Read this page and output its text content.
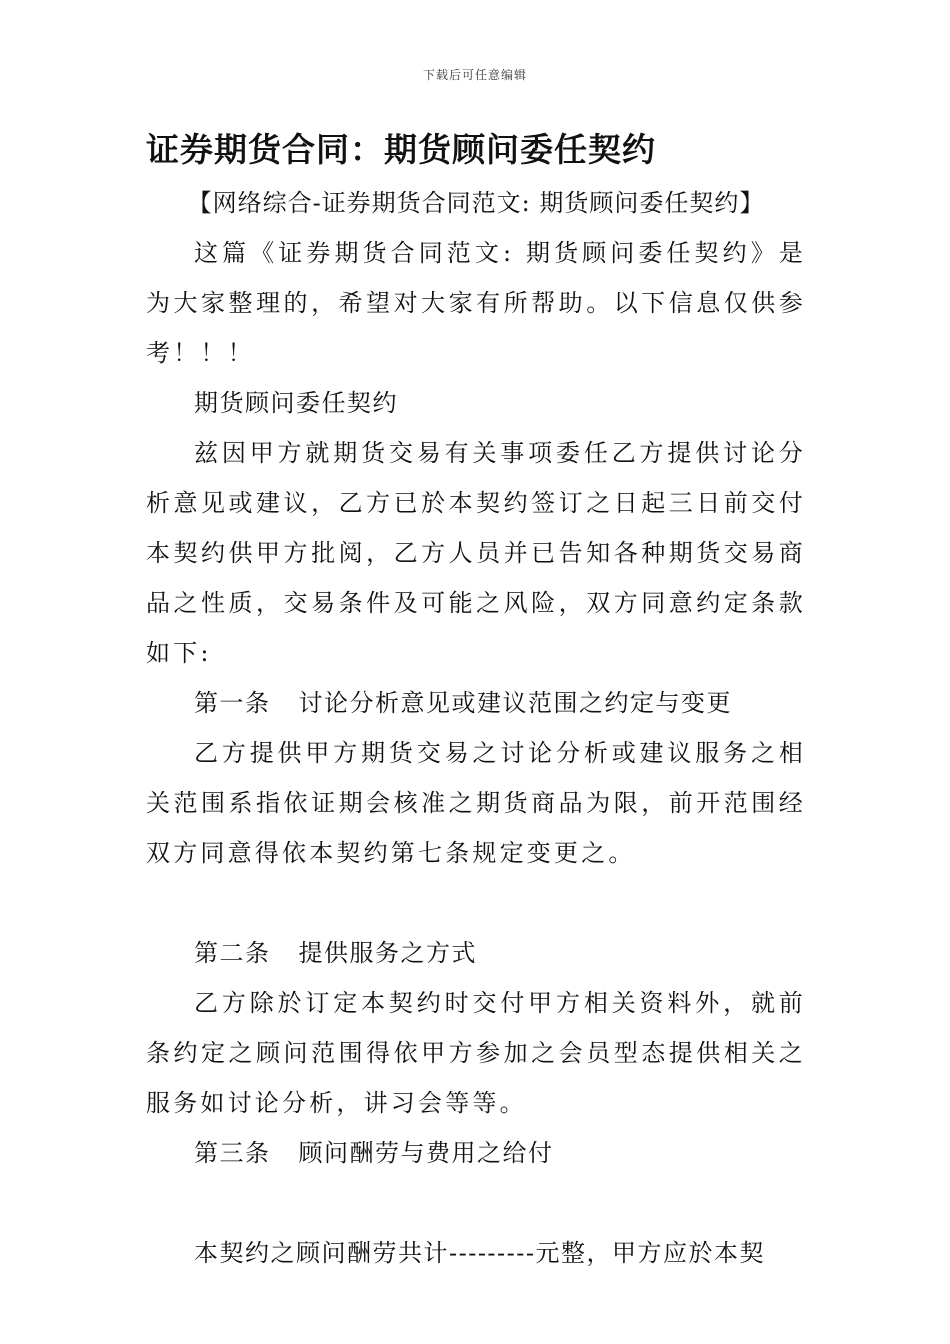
下载后可任意编辑
证券期货合同：期货顾问委任契约

【网络综合-证券期货合同范文: 期货顾问委任契约】

这篇《证券期货合同范文: 期货顾问委任契约》是为大家整理的，希望对大家有所帮助。以下信息仅供参考！！！

期货顾问委任契约

兹因甲方就期货交易有关事项委任乙方提供讨论分析意见或建议，乙方已於本契约签订之日起三日前交付本契约供甲方批阅，乙方人员并已告知各种期货交易商品之性质，交易条件及可能之风险，双方同意约定条款如下:

第一条 讨论分析意见或建议范围之约定与变更

乙方提供甲方期货交易之讨论分析或建议服务之相关范围系指依证期会核准之期货商品为限，前开范围经双方同意得依本契约第七条规定变更之。

第二条 提供服务之方式

乙方除於订定本契约时交付甲方相关资料外，就前条约定之顾问范围得依甲方参加之会员型态提供相关之服务如讨论分析，讲习会等等。

第三条 顾问酬劳与费用之给付

本契约之顾问酬劳共计---------元整，甲方应於本契
